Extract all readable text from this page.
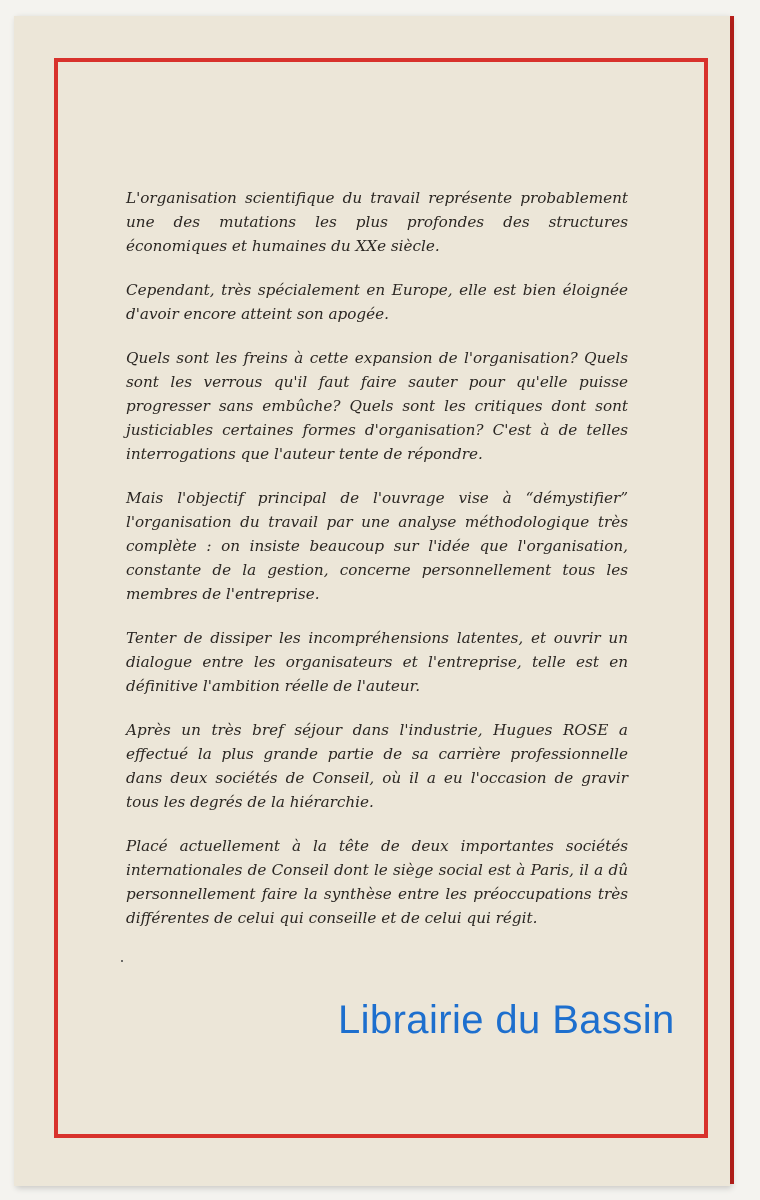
L'organisation scientifique du travail représente probablement une des mutations les plus profondes des structures économiques et humaines du XXe siècle.

Cependant, très spécialement en Europe, elle est bien éloignée d'avoir encore atteint son apogée.

Quels sont les freins à cette expansion de l'organisation? Quels sont les verrous qu'il faut faire sauter pour qu'elle puisse progresser sans embûche? Quels sont les critiques dont sont justiciables certaines formes d'organisation? C'est à de telles interrogations que l'auteur tente de répondre.

Mais l'objectif principal de l'ouvrage vise à “démystifier” l'organisation du travail par une analyse méthodologique très complète : on insiste beaucoup sur l'idée que l'organisation, constante de la gestion, concerne personnellement tous les membres de l'entreprise.

Tenter de dissiper les incompréhensions latentes, et ouvrir un dialogue entre les organisateurs et l'entreprise, telle est en définitive l'ambition réelle de l'auteur.

Après un très bref séjour dans l'industrie, Hugues ROSE a effectué la plus grande partie de sa carrière professionnelle dans deux sociétés de Conseil, où il a eu l'occasion de gravir tous les degrés de la hiérarchie.

Placé actuellement à la tête de deux importantes sociétés internationales de Conseil dont le siège social est à Paris, il a dû personnellement faire la synthèse entre les préoccupations très différentes de celui qui conseille et de celui qui régit.

Librairie du Bassin
